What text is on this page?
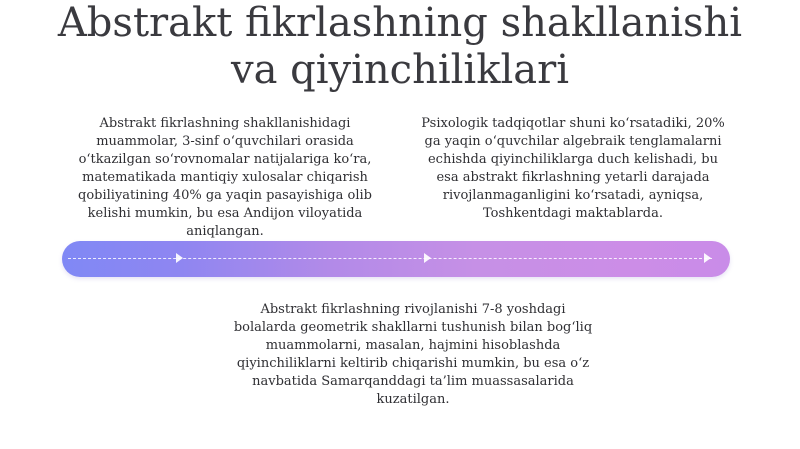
Abstrakt fikrlashning shakllanishi
va qiyinchiliklari

Abstrakt fikrlashning shakllanishidagi muammolar, 3-sinf o‘quvchilari orasida o‘tkazilgan so‘rovnomalar natijalariga ko‘ra, matematikada mantiqiy xulosalar chiqarish qobiliyatining 40% ga yaqin pasayishiga olib kelishi mumkin, bu esa Andijon viloyatida aniqlangan.

Psixologik tadqiqotlar shuni ko‘rsatadiki, 20% ga yaqin o‘quvchilar algebraik tenglamalarni echishda qiyinchiliklarga duch kelishadi, bu esa abstrakt fikrlashning yetarli darajada rivojlanmaganligini ko‘rsatadi, ayniqsa, Toshkentdagi maktablarda.

Abstrakt fikrlashning rivojlanishi 7-8 yoshdagi bolalarda geometrik shakllarni tushunish bilan bog‘liq muammolarni, masalan, hajmini hisoblashda qiyinchiliklarni keltirib chiqarishi mumkin, bu esa o‘z navbatida Samarqanddagi ta’lim muassasalarida kuzatilgan.
